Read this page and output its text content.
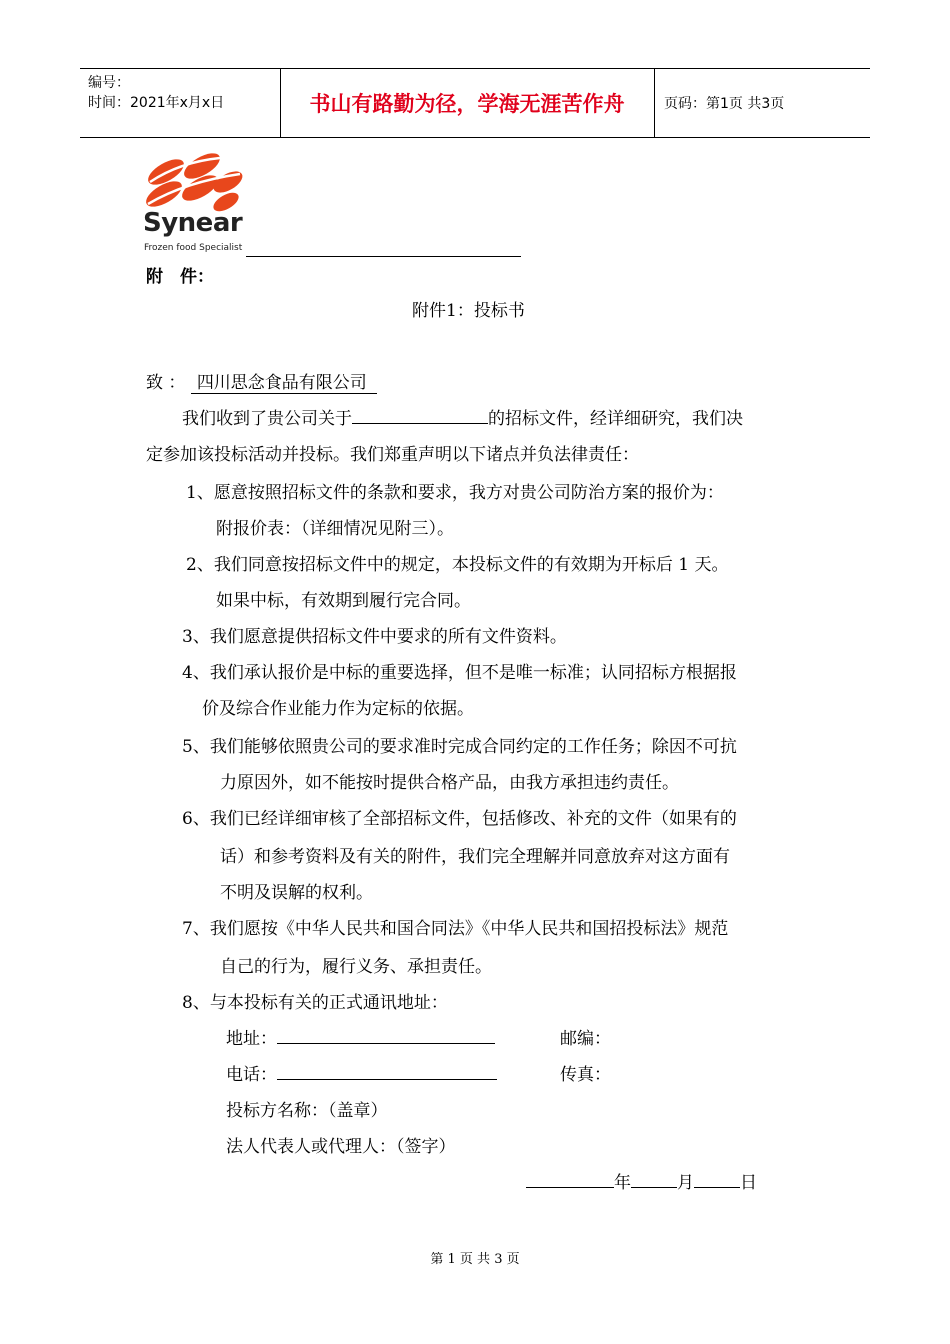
编号：
时间：2021年x月x日	书山有路勤为径，学海无涯苦作舟	页码：第1页 共3页
Synear
Frozen food Specialist
附　件：
附件1：投标书
致 ： 四川思念食品有限公司
我们收到了贵公司关于	的招标文件，经详细研究，我们决
定参加该投标活动并投标。我们郑重声明以下诸点并负法律责任：
1、愿意按照招标文件的条款和要求，我方对贵公司防治方案的报价为：
附报价表：（详细情况见附三）。
2、我们同意按招标文件中的规定，本投标文件的有效期为开标后 1 天。
如果中标，有效期到履行完合同。
3、我们愿意提供招标文件中要求的所有文件资料。
4、我们承认报价是中标的重要选择，但不是唯一标准；认同招标方根据报
价及综合作业能力作为定标的依据。
5、我们能够依照贵公司的要求准时完成合同约定的工作任务；除因不可抗
力原因外，如不能按时提供合格产品，由我方承担违约责任。
6、我们已经详细审核了全部招标文件，包括修改、补充的文件（如果有的
话）和参考资料及有关的附件，我们完全理解并同意放弃对这方面有
不明及误解的权利。
7、我们愿按《中华人民共和国合同法》《中华人民共和国招投标法》规范
自己的行为，履行义务、承担责任。
8、与本投标有关的正式通讯地址：
地址：	邮编：
电话：	传真：
投标方名称：（盖章）
法人代表人或代理人：（签字）
年	月	日
第 1 页 共 3 页
